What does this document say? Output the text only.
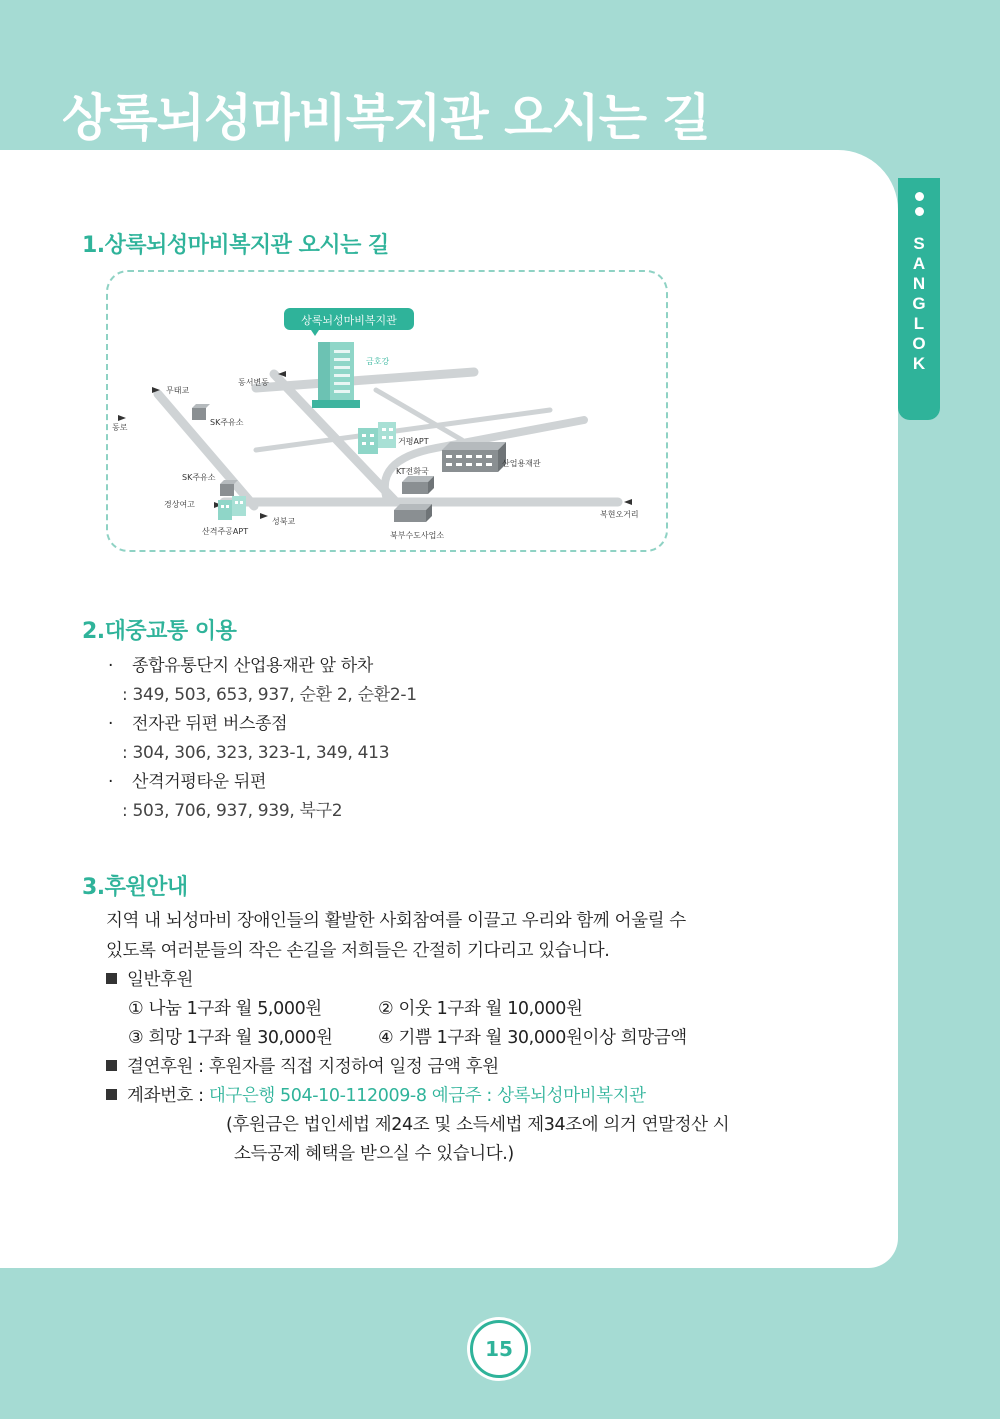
상록뇌성마비복지관 오시는 길
S
A
N
G
L
O
K
1.상록뇌성마비복지관 오시는 길
상록뇌성마비복지관
금호강
동서변동
무태교
동로
SK주유소
거평APT
산업용재관
KT전화국
SK주유소
경상여고
산격주공APT
성북교
북부수도사업소
복현오거리
2.대중교통 이용
· 종합유통단지 산업용재관 앞 하차
: 349, 503, 653, 937, 순환 2, 순환2-1
· 전자관 뒤편 버스종점
: 304, 306, 323, 323-1, 349, 413
· 산격거평타운 뒤편
: 503, 706, 937, 939, 북구2
3.후원안내
지역 내 뇌성마비 장애인들의 활발한 사회참여를 이끌고 우리와 함께 어울릴 수
있도록 여러분들의 작은 손길을 저희들은 간절히 기다리고 있습니다.
일반후원
① 나눔 1구좌 월 5,000원	② 이웃 1구좌 월 10,000원
③ 희망 1구좌 월 30,000원	④ 기쁨 1구좌 월 30,000원이상 희망금액
결연후원 : 후원자를 직접 지정하여 일정 금액 후원
계좌번호 : 대구은행 504-10-112009-8 예금주 : 상록뇌성마비복지관
(후원금은 법인세법 제24조 및 소득세법 제34조에 의거 연말정산 시
소득공제 혜택을 받으실 수 있습니다.)
15
